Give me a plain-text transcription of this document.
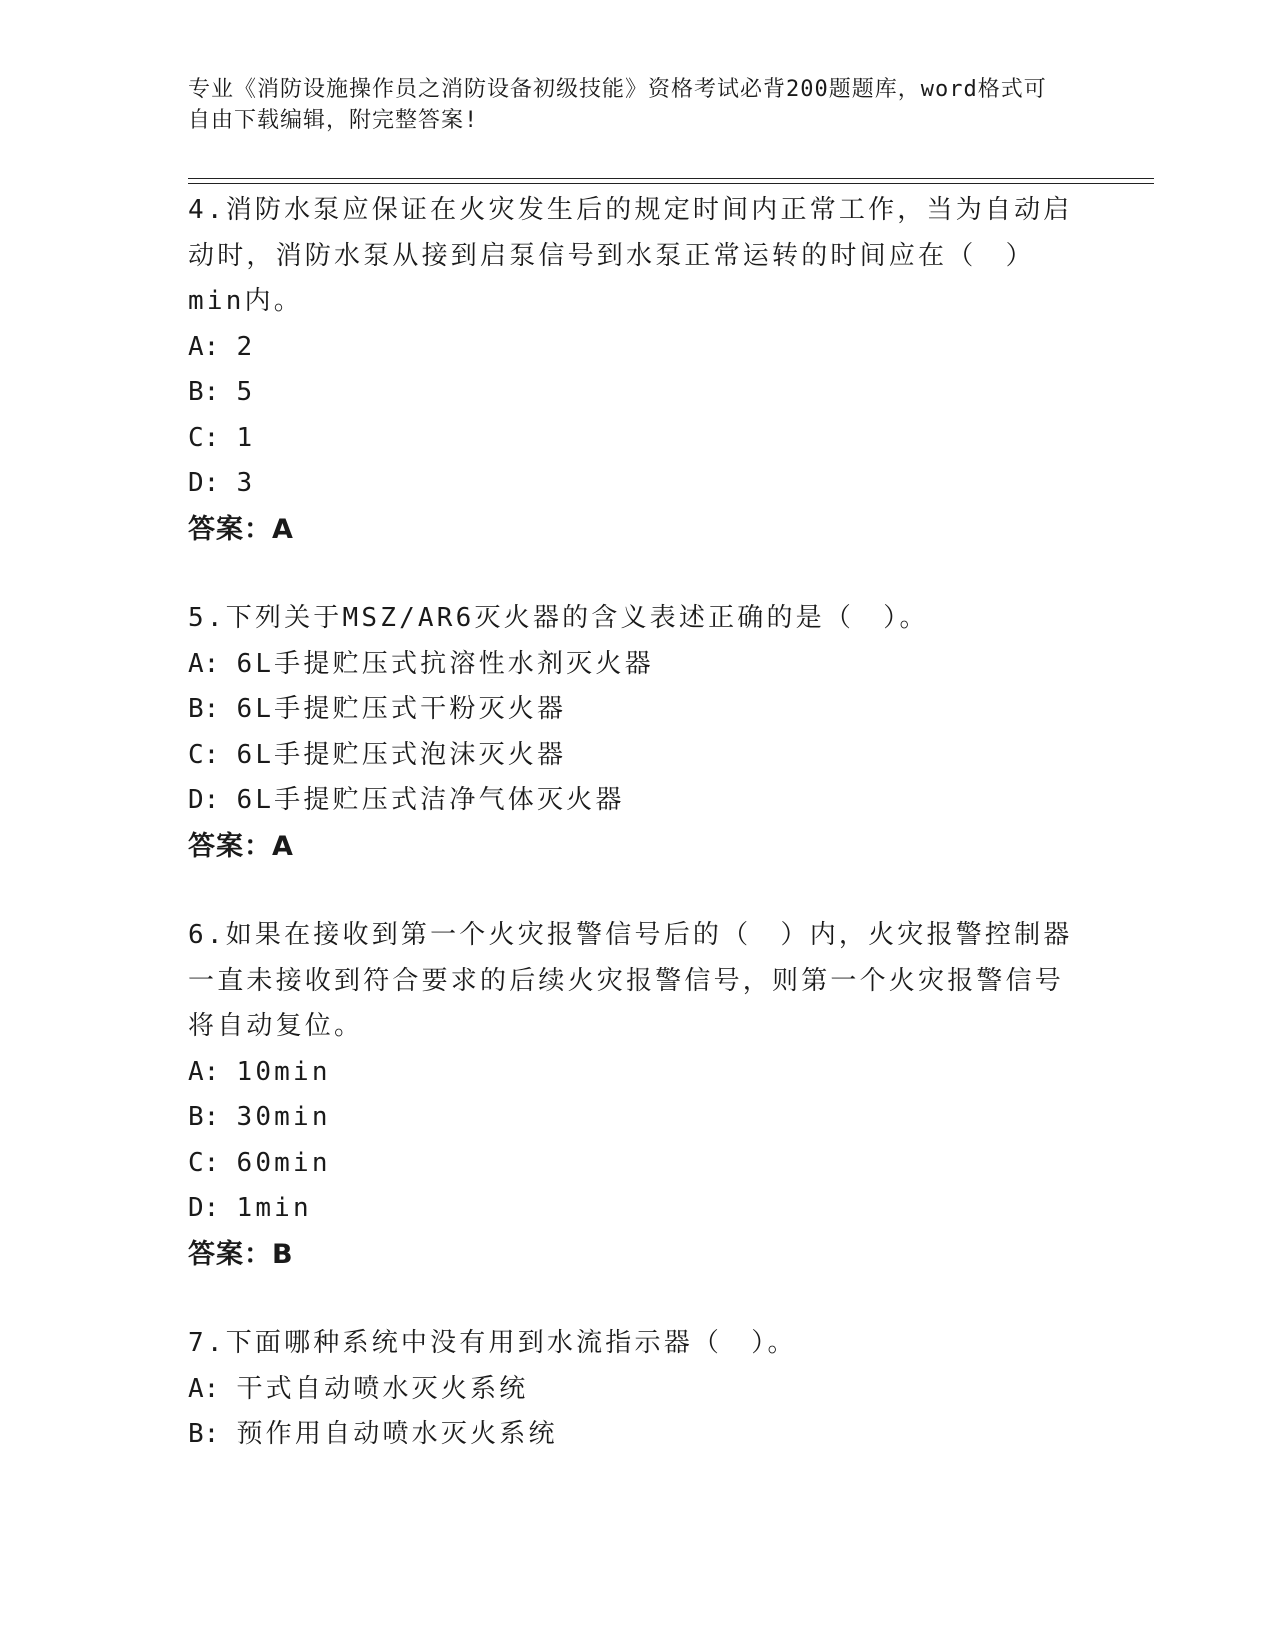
专业《消防设施操作员之消防设备初级技能》资格考试必背200题题库，word格式可自由下载编辑，附完整答案!

4.消防水泵应保证在火灾发生后的规定时间内正常工作，当为自动启动时，消防水泵从接到启泵信号到水泵正常运转的时间应在（　）min内。

A: 2

B: 5

C: 1

D: 3

答案：A

5.下列关于MSZ/AR6灭火器的含义表述正确的是（　）。

A: 6L手提贮压式抗溶性水剂灭火器

B: 6L手提贮压式干粉灭火器

C: 6L手提贮压式泡沫灭火器

D: 6L手提贮压式洁净气体灭火器

答案：A

6.如果在接收到第一个火灾报警信号后的（　）内，火灾报警控制器一直未接收到符合要求的后续火灾报警信号，则第一个火灾报警信号将自动复位。

A: 10min

B: 30min

C: 60min

D: 1min

答案：B

7.下面哪种系统中没有用到水流指示器（　）。

A: 干式自动喷水灭火系统

B: 预作用自动喷水灭火系统
